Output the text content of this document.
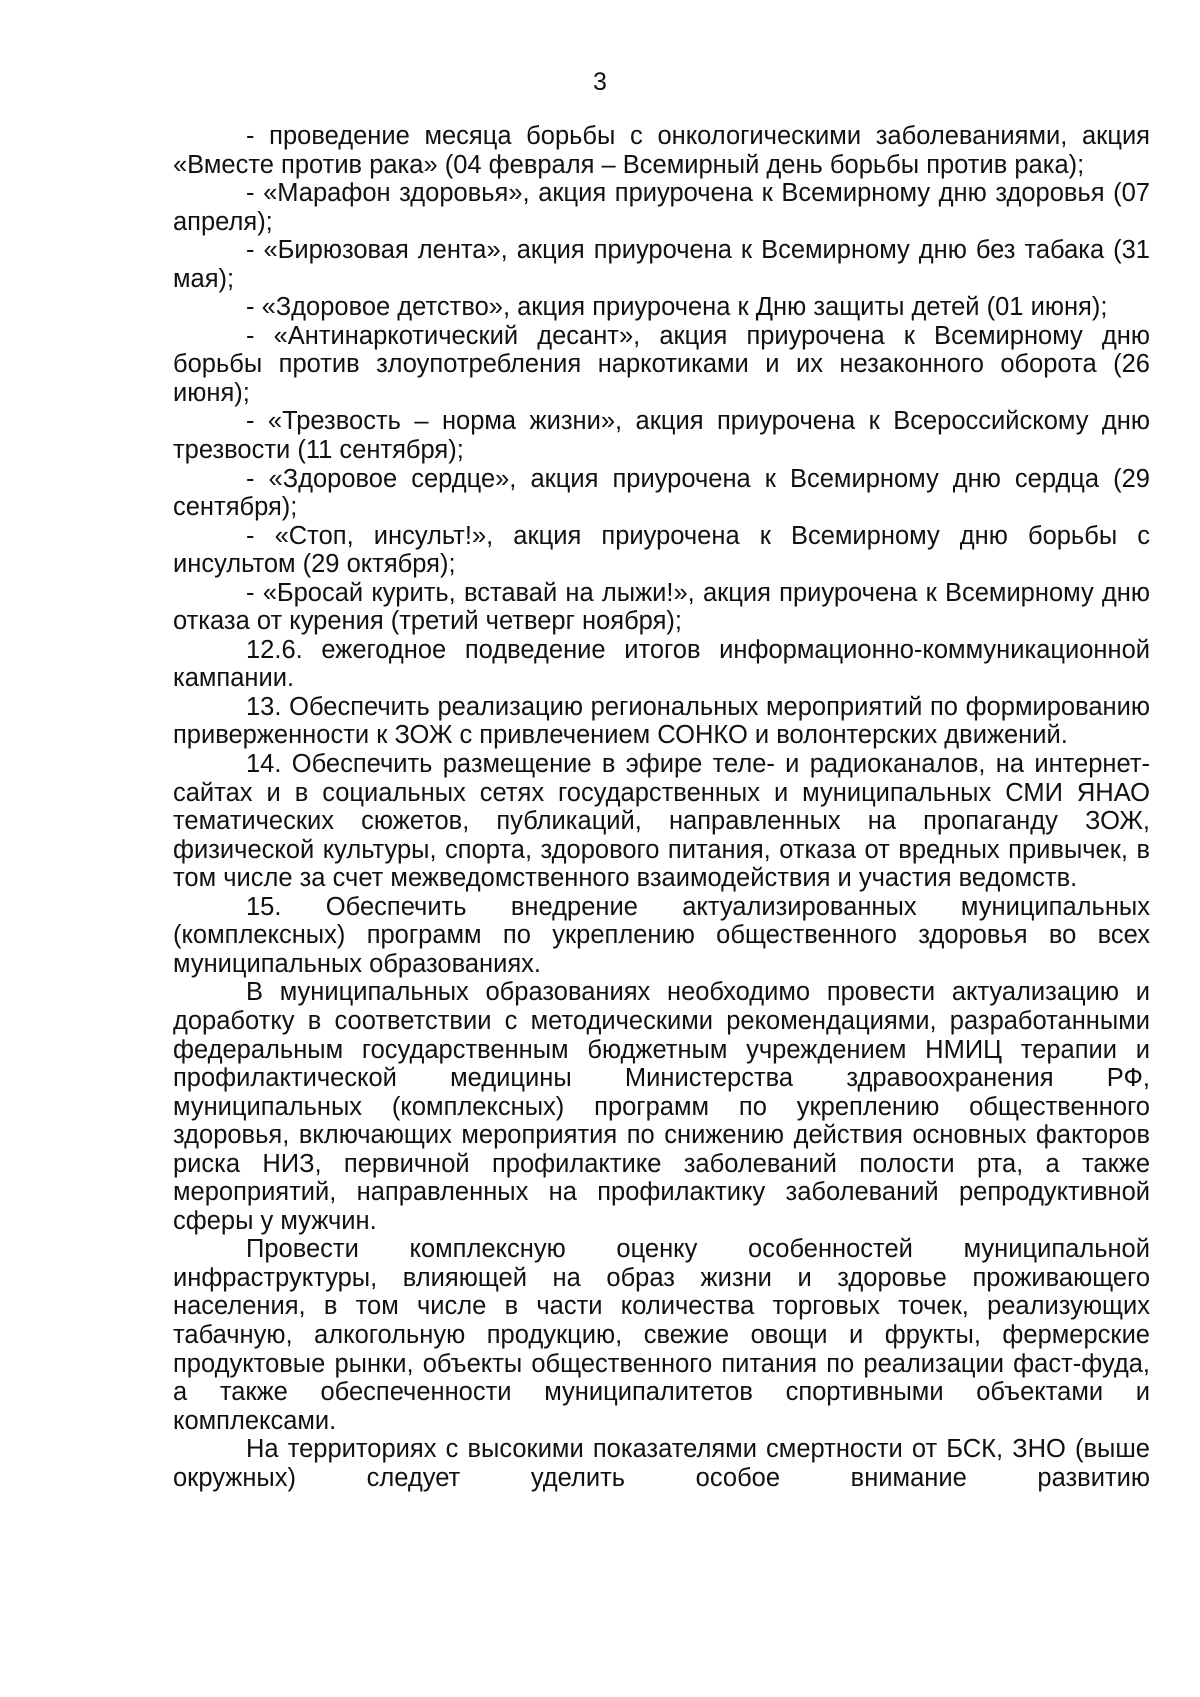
3

- проведение месяца борьбы с онкологическими заболеваниями, акция «Вместе против рака» (04 февраля – Всемирный день борьбы против рака);

- «Марафон здоровья», акция приурочена к Всемирному дню здоровья (07 апреля);

- «Бирюзовая лента», акция приурочена к Всемирному дню без табака (31 мая);

- «Здоровое детство», акция приурочена к Дню защиты детей (01 июня);

- «Антинаркотический десант», акция приурочена к Всемирному дню борьбы против злоупотребления наркотиками и их незаконного оборота (26 июня);

- «Трезвость – норма жизни», акция приурочена к Всероссийскому дню трезвости (11 сентября);

- «Здоровое сердце», акция приурочена к Всемирному дню сердца (29 сентября);

- «Стоп, инсульт!», акция приурочена к Всемирному дню борьбы с инсультом (29 октября);

- «Бросай курить, вставай на лыжи!», акция приурочена к Всемирному дню отказа от курения (третий четверг ноября);

12.6. ежегодное подведение итогов информационно-коммуникационной кампании.

13. Обеспечить реализацию региональных мероприятий по формированию приверженности к ЗОЖ с привлечением СОНКО и волонтерских движений.

14. Обеспечить размещение в эфире теле- и радиоканалов, на интернет-сайтах и в социальных сетях государственных и муниципальных СМИ ЯНАО тематических сюжетов, публикаций, направленных на пропаганду ЗОЖ, физической культуры, спорта, здорового питания, отказа от вредных привычек, в том числе за счет межведомственного взаимодействия и участия ведомств.

15. Обеспечить внедрение актуализированных муниципальных (комплексных) программ по укреплению общественного здоровья во всех муниципальных образованиях.

В муниципальных образованиях необходимо провести актуализацию и доработку в соответствии с методическими рекомендациями, разработанными федеральным государственным бюджетным учреждением НМИЦ терапии и профилактической медицины Министерства здравоохранения РФ, муниципальных (комплексных) программ по укреплению общественного здоровья, включающих мероприятия по снижению действия основных факторов риска НИЗ, первичной профилактике заболеваний полости рта, а также мероприятий, направленных на профилактику заболеваний репродуктивной сферы у мужчин.

Провести комплексную оценку особенностей муниципальной инфраструктуры, влияющей на образ жизни и здоровье проживающего населения, в том числе в части количества торговых точек, реализующих табачную, алкогольную продукцию, свежие овощи и фрукты, фермерские продуктовые рынки, объекты общественного питания по реализации фаст-фуда, а также обеспеченности муниципалитетов спортивными объектами и комплексами.

На территориях с высокими показателями смертности от БСК, ЗНО (выше окружных) следует уделить особое внимание развитию
